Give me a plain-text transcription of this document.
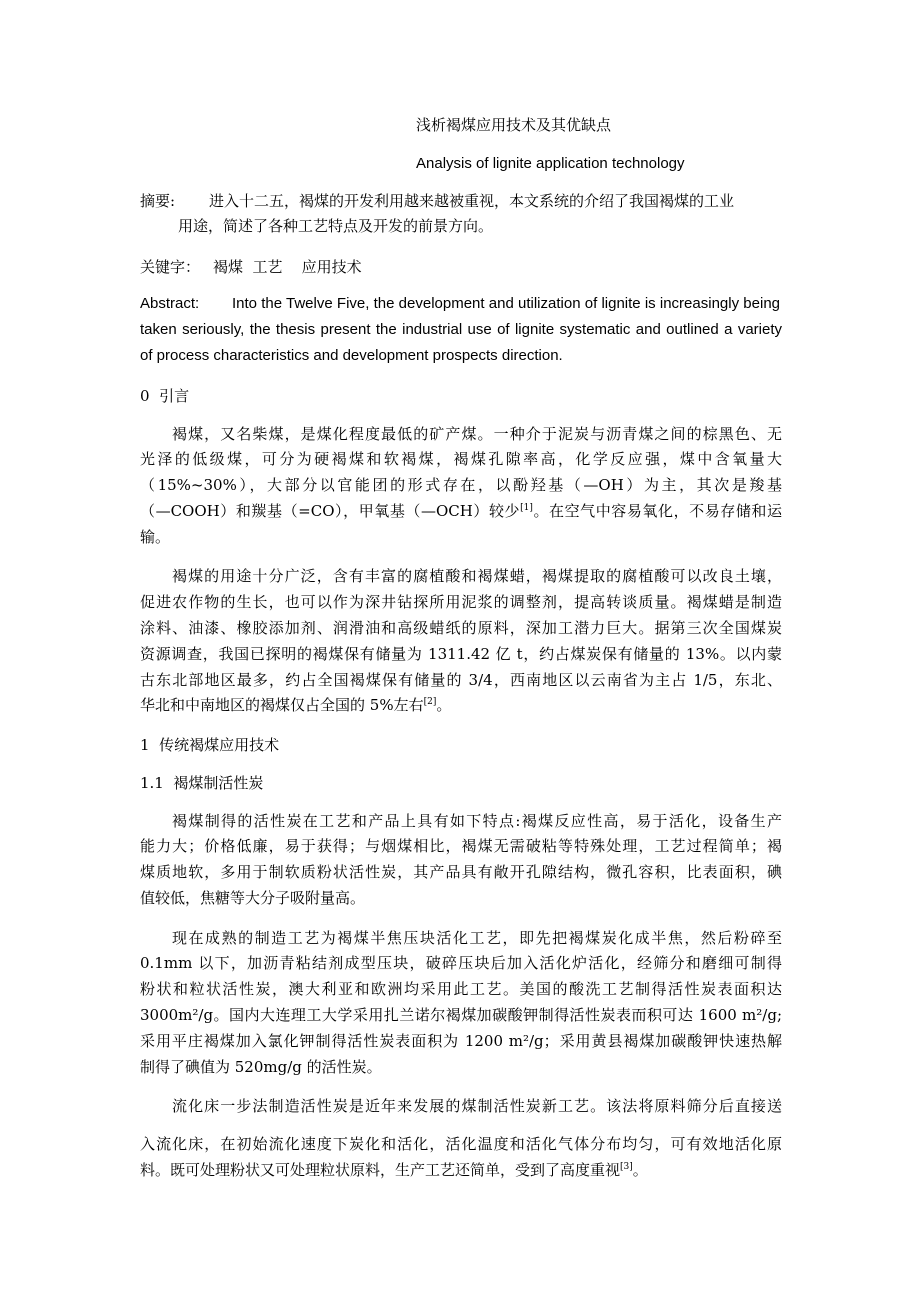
浅析褐煤应用技术及其优缺点
Analysis of lignite application technology
摘要: 进入十二五，褐煤的开发利用越来越被重视，本文系统的介绍了我国褐煤的工业
用途，简述了各种工艺特点及开发的前景方向。
关键字： 褐煤  工艺    应用技术
Abstract: Into the Twelve Five, the development and utilization of lignite is increasingly being
taken seriously, the thesis present the industrial use of lignite systematic and outlined a variety
of process characteristics and development prospects direction.
0  引言
褐煤，又名柴煤，是煤化程度最低的矿产煤。一种介于泥炭与沥青煤之间的棕黑色、无
光泽的低级煤，可分为硬褐煤和软褐煤，褐煤孔隙率高，化学反应强，煤中含氧量大
（15%~30%），大部分以官能团的形式存在，以酚羟基（—OH）为主，其次是羧基
（—COOH）和羰基（=CO），甲氧基（—OCH）较少[1]。在空气中容易氧化，不易存储和运
输。
褐煤的用途十分广泛，含有丰富的腐植酸和褐煤蜡，褐煤提取的腐植酸可以改良土壤，
促进农作物的生长，也可以作为深井钻探所用泥浆的调整剂，提高转谈质量。褐煤蜡是制造
涂料、油漆、橡胶添加剂、润滑油和高级蜡纸的原料，深加工潜力巨大。据第三次全国煤炭
资源调查，我国已探明的褐煤保有储量为 1311.42 亿 t，约占煤炭保有储量的 13%。以内蒙
古东北部地区最多，约占全国褐煤保有储量的 3/4，西南地区以云南省为主占 1/5，东北、
华北和中南地区的褐煤仅占全国的 5%左右[2]。
1  传统褐煤应用技术
1.1  褐煤制活性炭
褐煤制得的活性炭在工艺和产品上具有如下特点:褐煤反应性高，易于活化，设备生产
能力大；价格低廉，易于获得；与烟煤相比，褐煤无需破粘等特殊处理，工艺过程简单；褐
煤质地软，多用于制软质粉状活性炭，其产品具有敞开孔隙结构，微孔容积，比表面积，碘
值较低，焦糖等大分子吸附量高。
现在成熟的制造工艺为褐煤半焦压块活化工艺，即先把褐煤炭化成半焦，然后粉碎至
0.1mm 以下，加沥青粘结剂成型压块，破碎压块后加入活化炉活化，经筛分和磨细可制得
粉状和粒状活性炭，澳大利亚和欧洲均采用此工艺。美国的酸洗工艺制得活性炭表面积达
3000m²/g。国内大连理工大学采用扎兰诺尔褐煤加碳酸钾制得活性炭表而积可达 1600 m²/g;
采用平庄褐煤加入氯化钾制得活性炭表面积为 1200 m²/g；采用黄县褐煤加碳酸钾快速热解
制得了碘值为 520mg/g 的活性炭。
流化床一步法制造活性炭是近年来发展的煤制活性炭新工艺。该法将原料筛分后直接送
入流化床，在初始流化速度下炭化和活化，活化温度和活化气体分布均匀，可有效地活化原
料。既可处理粉状又可处理粒状原料，生产工艺还简单，受到了高度重视[3]。
